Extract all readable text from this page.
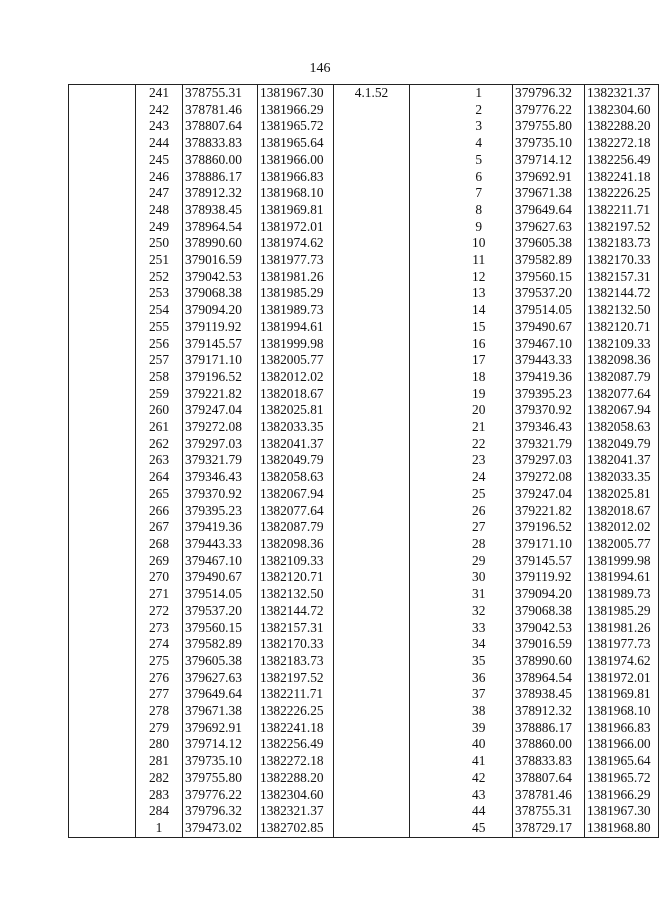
146
	241	378755.31	1381967.30	4.1.52		1	379796.32	1382321.37
	242	378781.46	1381966.29			2	379776.22	1382304.60
	243	378807.64	1381965.72			3	379755.80	1382288.20
	244	378833.83	1381965.64			4	379735.10	1382272.18
	245	378860.00	1381966.00			5	379714.12	1382256.49
	246	378886.17	1381966.83			6	379692.91	1382241.18
	247	378912.32	1381968.10			7	379671.38	1382226.25
	248	378938.45	1381969.81			8	379649.64	1382211.71
	249	378964.54	1381972.01			9	379627.63	1382197.52
	250	378990.60	1381974.62			10	379605.38	1382183.73
	251	379016.59	1381977.73			11	379582.89	1382170.33
	252	379042.53	1381981.26			12	379560.15	1382157.31
	253	379068.38	1381985.29			13	379537.20	1382144.72
	254	379094.20	1381989.73			14	379514.05	1382132.50
	255	379119.92	1381994.61			15	379490.67	1382120.71
	256	379145.57	1381999.98			16	379467.10	1382109.33
	257	379171.10	1382005.77			17	379443.33	1382098.36
	258	379196.52	1382012.02			18	379419.36	1382087.79
	259	379221.82	1382018.67			19	379395.23	1382077.64
	260	379247.04	1382025.81			20	379370.92	1382067.94
	261	379272.08	1382033.35			21	379346.43	1382058.63
	262	379297.03	1382041.37			22	379321.79	1382049.79
	263	379321.79	1382049.79			23	379297.03	1382041.37
	264	379346.43	1382058.63			24	379272.08	1382033.35
	265	379370.92	1382067.94			25	379247.04	1382025.81
	266	379395.23	1382077.64			26	379221.82	1382018.67
	267	379419.36	1382087.79			27	379196.52	1382012.02
	268	379443.33	1382098.36			28	379171.10	1382005.77
	269	379467.10	1382109.33			29	379145.57	1381999.98
	270	379490.67	1382120.71			30	379119.92	1381994.61
	271	379514.05	1382132.50			31	379094.20	1381989.73
	272	379537.20	1382144.72			32	379068.38	1381985.29
	273	379560.15	1382157.31			33	379042.53	1381981.26
	274	379582.89	1382170.33			34	379016.59	1381977.73
	275	379605.38	1382183.73			35	378990.60	1381974.62
	276	379627.63	1382197.52			36	378964.54	1381972.01
	277	379649.64	1382211.71			37	378938.45	1381969.81
	278	379671.38	1382226.25			38	378912.32	1381968.10
	279	379692.91	1382241.18			39	378886.17	1381966.83
	280	379714.12	1382256.49			40	378860.00	1381966.00
	281	379735.10	1382272.18			41	378833.83	1381965.64
	282	379755.80	1382288.20			42	378807.64	1381965.72
	283	379776.22	1382304.60			43	378781.46	1381966.29
	284	379796.32	1382321.37			44	378755.31	1381967.30
	1	379473.02	1382702.85			45	378729.17	1381968.80
